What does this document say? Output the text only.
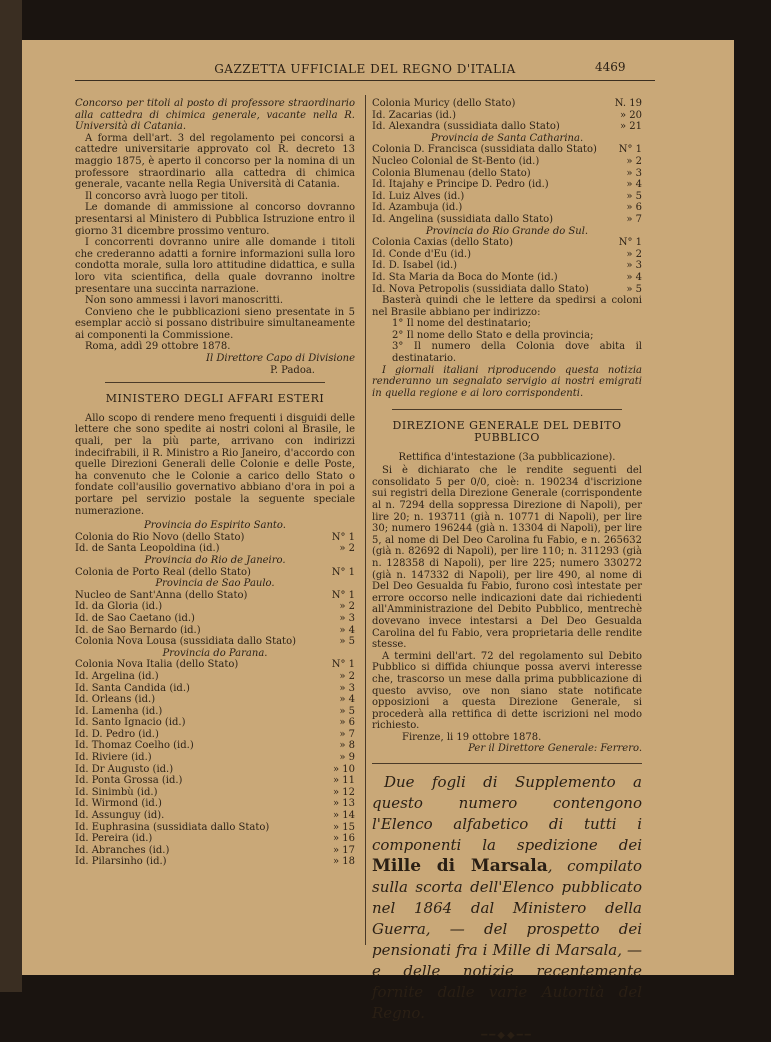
GAZZETTA UFFICIALE DEL REGNO D'ITALIA	4469

Concorso per titoli al posto di professore straordinario alla cattedra di chimica generale, vacante nella R. Università di Catania.

A forma dell'art. 3 del regolamento pei concorsi a cattedre universitarie approvato col R. decreto 13 maggio 1875, è aperto il concorso per la nomina di un professore straordinario alla cattedra di chimica generale, vacante nella Regia Università di Catania.

Il concorso avrà luogo per titoli.

Le domande di ammissione al concorso dovranno presentarsi al Ministero di Pubblica Istruzione entro il giorno 31 dicembre prossimo venturo.

I concorrenti dovranno unire alle domande i titoli che crederanno adatti a fornire informazioni sulla loro condotta morale, sulla loro attitudine didattica, e sulla loro vita scientifica, della quale dovranno inoltre presentare una succinta narrazione.

Non sono ammessi i lavori manoscritti.

Convieno che le pubblicazioni sieno presentate in 5 esemplar acciò si possano distribuire simultaneamente ai componenti la Commissione.

Roma, addì 29 ottobre 1878.

Il Direttore Capo di Divisione

P. Padoa.

MINISTERO DEGLI AFFARI ESTERI

Allo scopo di rendere meno frequenti i disguidi delle lettere che sono spedite ai nostri coloni al Brasile, le quali, per la più parte, arrivano con indirizzi indecifrabili, il R. Ministro a Rio Janeiro, d'accordo con quelle Direzioni Generali delle Colonie e delle Poste, ha convenuto che le Colonie a carico dello Stato o fondate coll'ausilio governativo abbiano d'ora in poi a portare pel servizio postale la seguente speciale numerazione.

Provincia do Espirito Santo.

Colonia do Rio Novo (dello Stato)	N° 1
Id. de Santa Leopoldina (id.)	» 2

Provincia do Rio de Janeiro.

Colonia de Porto Real (dello Stato)	N° 1

Provincia de Sao Paulo.

Nucleo de Sant'Anna (dello Stato)	N° 1
Id. da Gloria (id.)	» 2
Id. de Sao Caetano (id.)	» 3
Id. de Sao Bernardo (id.)	» 4
Colonia Nova Lousa (sussidiata dallo Stato)	» 5

Provincia do Parana.

Colonia Nova Italia (dello Stato)	N° 1
Id. Argelina (id.)	» 2
Id. Santa Candida (id.)	» 3
Id. Orleans (id.)	» 4
Id. Lamenha (id.)	» 5
Id. Santo Ignacio (id.)	» 6
Id. D. Pedro (id.)	» 7
Id. Thomaz Coelho (id.)	» 8
Id. Riviere (id.)	» 9
Id. Dr Augusto (id.)	» 10
Id. Ponta Grossa (id.)	» 11
Id. Sinimbù (id.)	» 12
Id. Wirmond (id.)	» 13
Id. Assunguy (id).	» 14
Id. Euphrasina (sussidiata dallo Stato)	» 15
Id. Pereira (id.)	» 16
Id. Abranches (id.)	» 17
Id. Pilarsinho (id.)	» 18
Colonia Muricy (dello Stato)	N. 19
Id. Zacarias (id.)	» 20
Id. Alexandra (sussidiata dallo Stato)	» 21

Provincia de Santa Catharina.

Colonia D. Francisca (sussidiata dallo Stato) N° 1
Nucleo Colonial de St-Bento (id.)	» 2
Colonia Blumenau (dello Stato)	» 3
Id. Itajahy e Principe D. Pedro (id.)	» 4
Id. Luiz Alves (id.)	» 5
Id. Azambuja (id.)	» 6
Id. Angelina (sussidiata dallo Stato)	» 7

Provincia do Rio Grande do Sul.

Colonia Caxias (dello Stato)	N° 1
Id. Conde d'Eu (id.)	» 2
Id. D. Isabel (id.)	» 3
Id. Sta Maria da Boca do Monte (id.)	» 4
Id. Nova Petropolis (sussidiata dallo Stato)	» 5

Basterà quindi che le lettere da spedirsi a coloni nel Brasile abbiano per indirizzo:

1° Il nome del destinatario;

2° Il nome dello Stato e della provincia;

3° Il numero della Colonia dove abita il destinatario.

I giornali italiani riproducendo questa notizia renderanno un segnalato servigio ai nostri emigrati in quella regione e ai loro corrispondenti.

DIREZIONE GENERALE DEL DEBITO PUBBLICO

Rettifica d'intestazione (3a pubblicazione).

Si è dichiarato che le rendite seguenti del consolidato 5 per 0/0, cioè: n. 190234 d'iscrizione sui registri della Direzione Generale (corrispondente al n. 7294 della soppressa Direzione di Napoli), per lire 20; n. 193711 (già n. 10771 di Napoli), per lire 30; numero 196244 (già n. 13304 di Napoli), per lire 5, al nome di Del Deo Carolina fu Fabio, e n. 265632 (già n. 82692 di Napoli), per lire 110; n. 311293 (già n. 128358 di Napoli), per lire 225; numero 330272 (già n. 147332 di Napoli), per lire 490, al nome di Del Deo Gesualda fu Fabio, furono così intestate per errore occorso nelle indicazioni date dai richiedenti all'Amministrazione del Debito Pubblico, mentrechè dovevano invece intestarsi a Del Deo Gesualda Carolina del fu Fabio, vera proprietaria delle rendite stesse.

A termini dell'art. 72 del regolamento sul Debito Pubblico si diffida chiunque possa avervi interesse che, trascorso un mese dalla prima pubblicazione di questo avviso, ove non siano state notificate opposizioni a questa Direzione Generale, si procederà alla rettifica di dette iscrizioni nel modo richiesto.

Firenze, li 19 ottobre 1878.

Per il Direttore Generale: Ferrero.

Due fogli di Supplemento a questo numero contengono l'Elenco alfabetico di tutti i componenti la spedizione dei Mille di Marsala, compilato sulla scorta dell'Elenco pubblicato nel 1864 dal Ministero della Guerra, — del prospetto dei pensionati fra i Mille di Marsala, — e delle notizie recentemente fornite dalle varie Autorità del Regno.

━━◆◆━━
